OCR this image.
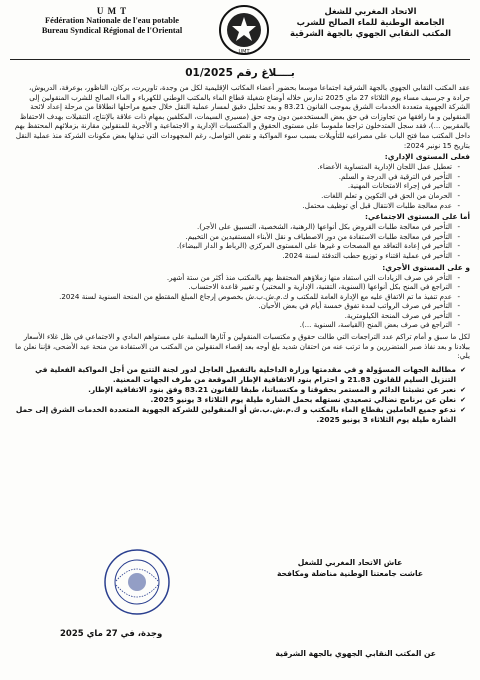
U M T
Fédération Nationale de l'eau potable
Bureau Syndical Régional de l'Oriental
UMT
الاتحاد المغربي للشغل
الجامعة الوطنية للماء الصالح للشرب
المكتب النقابي الجهوي بالجهة الشرقية
بــــلاغ رقم 01/2025
عقد المكتب النقابي الجهوي بالجهة الشرقية اجتماعا موسعا بحضور أعضاء المكاتب الإقليمية لكل من وجدة، تاوريرت، بركان، الناظور، بوعرفة، الدريوش، جرادة و جرسيف مساء يوم الثلاثاء 27 ماي 2025 تدارس خلاله أوضاع شغيلة قطاع الماء بالمكتب الوطني للكهرباء و الماء الصالح للشرب المنقولين إلى الشركة الجهوية متعددة الخدمات الشرق بموجب القانون 83.21 و بعد تحليل دقيق لمسار عملية النقل خلال جميع مراحلها انطلاقا من مرحلة إعداد لائحة المنقولين و ما رافقها من تجاوزات في حق بعض المستخدمين دون وجه حق (مسيري السيمات، المكلفين بمهام ذات علاقة بالإنتاج، التنقيلات بهدف الاحتفاظ بالمقربين ...)، فقد سجل المتدخلون تراجعا ملموسا على مستوى الحقوق و المكتسبات الإدارية و الاجتماعية و الأجرية للمنقولين مقارنة بزملائهم المحتفظ بهم داخل المكتب مما فتح الباب على مصراعيه للتأويلات بسبب سوء المواكبة و نقص التواصل، رغم المجهودات التي تبذلها بعض مكونات الشركة منذ عملية النقل بتاريخ 15 نونبر 2024:
فعلى المستوى الإداري:
- تعطيل عمل اللجان الإدارية المتساوية الأعضاء.
- التأخير في الترقية في الدرجة و السلم.
- التأخير في إجراء الامتحانات المهنية.
- الحرمان من الحق في التكوين و تعلم اللغات.
- عدم معالجة طلبات الانتقال قبل أي توظيف محتمل.
أما على المستوى الاجتماعي:
- التأخير في معالجة طلبات القروض بكل أنواعها (الرهنية، الشخصية، التسبيق على الأجر).
- التأخير في معالجة طلبات الاستفادة من دور الاصطياف و نقل الأبناء المستفيدين من التخييم.
- التأخير في إعادة التعاقد مع المصحات و غيرها على المستوى المركزي (الرباط و الدار البيضاء).
- التأخير في عملية اقتناء و توزيع حطب التدفئة لسنة 2024.
و على المستوى الأجري:
- التأخر في صرف الزيادات التي استفاد منها زملاؤهم المحتفظ بهم بالمكتب منذ أكثر من ستة أشهر.
- التراجع في المنح بكل أنواعها (السنوية، التقنية، الإدارية و المختبر) و تغيير قاعدة الاحتساب.
- عدم تنفيذ ما تم الاتفاق عليه مع الإدارة العامة للمكتب و ك.م.ش.ب.ش بخصوص إرجاع المبلغ المقتطع من المنحة السنوية لسنة 2024.
- التأخير في صرف الرواتب لمدة تفوق خمسة أيام في بعض الأحيان.
- التأخير في صرف المنحة الكيلومترية.
- التراجع في صرف بعض المنح (القياسة، السنوية ...).
لكل ما سبق و أمام تراكم عدد التراجعات التي طالت حقوق و مكتسبات المنقولين و آثارها السلبية على مستواهم المادي و الاجتماعي في ظل غلاء الأسعار ببلادنا و بعد نفاذ صبر المتضررين و ما ترتب عنه من احتقان شديد بلغ أوجه بعد إقصاء المنقولين من المكتب من الاستفادة من منحة عيد الأضحى، فإننا نعلن ما يلي:
✔
مطالبة الجهات المسؤولة و في مقدمتها وزارة الداخلية بالتفعيل العاجل لدور لجنة التتبع من أجل المواكبة الفعلية في التنزيل السليم للقانون 21.83 و احترام بنود الاتفاقية الإطار الموقعة من طرف الجهات المعنية.
✔
نعبر عن تشبثنا الدائم و المستمر بحقوقنا و مكتسباتنا، طبقا للقانون 83.21 وفق بنود الاتفاقية الإطار.
✔
نعلن عن برنامج نضالي تصعيدي نستهله بحمل الشارة طيلة يوم الثلاثاء 3 يونيو 2025.
✔
ندعو جميع العاملين بقطاع الماء بالمكتب و ك.م.ش.ب.ش أو المنقولين للشركة الجهوية المتعددة الخدمات الشرق إلى حمل الشارة طيلة يوم الثلاثاء 3 يونيو 2025.
عاش الاتحاد المغربي للشغل
عاشت جامعتنا الوطنية مناضلة ومكافحة
وجدة، في 27 ماي 2025
عن المكتب النقابي الجهوي بالجهة الشرقية
